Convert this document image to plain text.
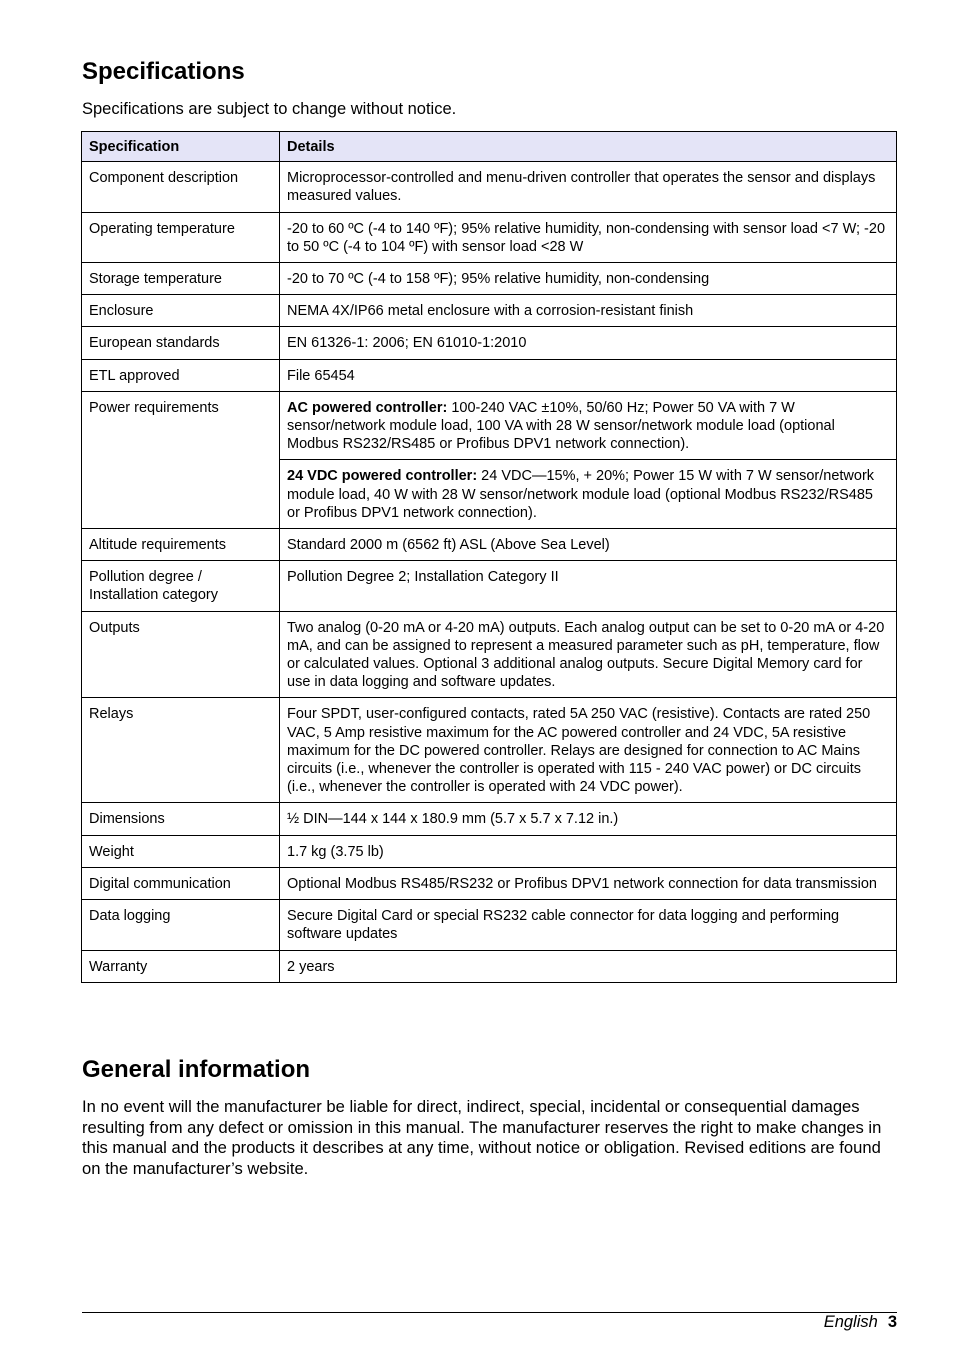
Specifications

Specifications are subject to change without notice.

Specification	Details
Component description	Microprocessor-controlled and menu-driven controller that operates the sensor and displays measured values.
Operating temperature	-20 to 60 ºC (-4 to 140 ºF); 95% relative humidity, non-condensing with sensor load <7 W; -20 to 50 ºC (-4 to 104 ºF) with sensor load <28 W
Storage temperature	-20 to 70 ºC (-4 to 158 ºF); 95% relative humidity, non-condensing
Enclosure	NEMA 4X/IP66 metal enclosure with a corrosion-resistant finish
European standards	EN 61326-1: 2006; EN 61010-1:2010
ETL approved	File 65454
Power requirements	AC powered controller: 100-240 VAC ±10%, 50/60 Hz; Power 50 VA with 7 W sensor/network module load, 100 VA with 28 W sensor/network module load (optional Modbus RS232/RS485 or Profibus DPV1 network connection).
	24 VDC powered controller: 24 VDC—15%, + 20%; Power 15 W with 7 W sensor/network module load, 40 W with 28 W sensor/network module load (optional Modbus RS232/RS485 or Profibus DPV1 network connection).
Altitude requirements	Standard 2000 m (6562 ft) ASL (Above Sea Level)
Pollution degree / Installation category	Pollution Degree 2; Installation Category II
Outputs	Two analog (0-20 mA or 4-20 mA) outputs. Each analog output can be set to 0-20 mA or 4-20 mA, and can be assigned to represent a measured parameter such as pH, temperature, flow or calculated values. Optional 3 additional analog outputs. Secure Digital Memory card for use in data logging and software updates.
Relays	Four SPDT, user-configured contacts, rated 5A 250 VAC (resistive). Contacts are rated 250 VAC, 5 Amp resistive maximum for the AC powered controller and 24 VDC, 5A resistive maximum for the DC powered controller. Relays are designed for connection to AC Mains circuits (i.e., whenever the controller is operated with 115 - 240 VAC power) or DC circuits (i.e., whenever the controller is operated with 24 VDC power).
Dimensions	½ DIN—144 x 144 x 180.9 mm (5.7 x 5.7 x 7.12 in.)
Weight	1.7 kg (3.75 lb)
Digital communication	Optional Modbus RS485/RS232 or Profibus DPV1 network connection for data transmission
Data logging	Secure Digital Card or special RS232 cable connector for data logging and performing software updates
Warranty	2 years
General information

In no event will the manufacturer be liable for direct, indirect, special, incidental or consequential damages resulting from any defect or omission in this manual. The manufacturer reserves the right to make changes in this manual and the products it describes at any time, without notice or obligation. Revised editions are found on the manufacturer’s website.

English 3
